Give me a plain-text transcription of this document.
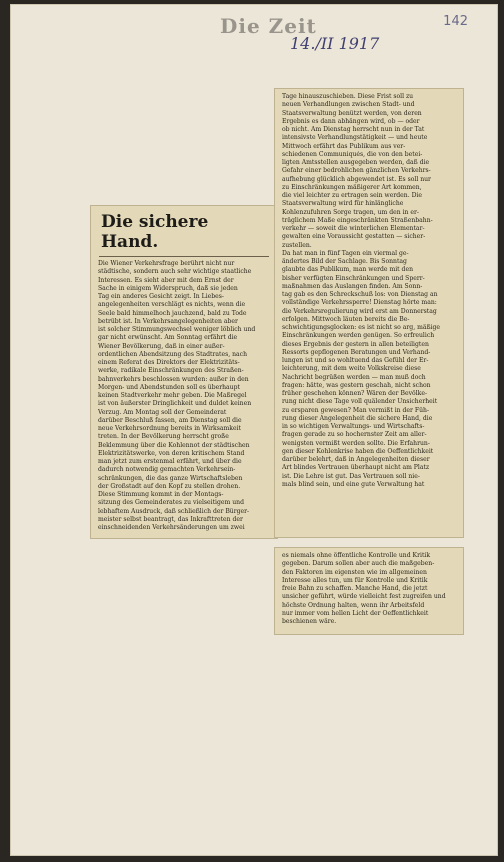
Die Zeit	142
14./II 1917
Die sichere Hand.
Die Wiener Verkehrsfrage berührt nicht nur
städtische, sondern auch sehr wichtige staatliche
Interessen. Es sieht aber mit dem Ernst der
Sache in einigem Widerspruch, daß sie jeden
Tag ein anderes Gesicht zeigt. In Liebes-
angelegenheiten verschlägt es nichts, wenn die
Seele bald himmelhoch jauchzend, bald zu Tode
betrübt ist. In Verkehrsangelegenheiten aber
ist solcher Stimmungswechsel weniger löblich und
gar nicht erwünscht. Am Sonntag erfährt die
Wiener Bevölkerung, daß in einer außer-
ordentlichen Abendsitzung des Stadtrates, nach
einem Referat des Direktors der Elektrizitäts-
werke, radikale Einschränkungen des Straßen-
bahnverkehrs beschlossen wurden: außer in den
Morgen- und Abendstunden soll es überhaupt
keinen Stadtverkehr mehr geben. Die Maßregel
ist von äußerster Dringlichkeit und duldet keinen
Verzug. Am Montag soll der Gemeinderat
darüber Beschluß fassen, am Dienstag soll die
neue Verkehrsordnung bereits in Wirksamkeit
treten. In der Bevölkerung herrscht große
Beklemmung über die Kohlennot der städtischen
Elektrizitätswerke, von deren kritischem Stand
man jetzt zum erstenmal erfährt, und über die
dadurch notwendig gemachten Verkehrsein-
schränkungen, die das ganze Wirtschaftsleben
der Großstadt auf den Kopf zu stellen drohen.
Diese Stimmung kommt in der Montags-
sitzung des Gemeinderates zu vielseitigem und
lebhaftem Ausdruck, daß schließlich der Bürger-
meister selbst beantragt, das Inkrafttreten der
einschneidenden Verkehrsänderungen um zwei
Tage hinauszuschieben. Diese Frist soll zu
neuen Verhandlungen zwischen Stadt- und
Staatsverwaltung benützt werden, von deren
Ergebnis es dann abhängen wird, ob — oder
ob nicht. Am Dienstag herrscht nun in der Tat
intensivste Verhandlungstätigkeit — und heute
Mittwoch erfährt das Publikum aus ver-
schiedenen Communiqués, die von den betei-
ligten Amtsstellen ausgegeben werden, daß die
Gefahr einer bedrohlichen gänzlichen Verkehrs-
aufhebung glücklich abgewendet ist. Es soll nur
zu Einschränkungen mäßigerer Art kommen,
die viel leichter zu ertragen sein werden. Die
Staatsverwaltung wird für hinlängliche
Kohlenzufuhren Sorge tragen, um den in er-
träglichem Maße eingeschränkten Straßenbahn-
verkehr — soweit die winterlichen Elementar-
gewalten eine Voraussicht gestatten — sicher-
zustellen.
Da hat man in fünf Tagen ein viermal ge-
ändertes Bild der Sachlage. Bis Sonntag
glaubte das Publikum, man werde mit den
bisher verfügten Einschränkungen und Sperr-
maßnahmen das Auslangen finden. Am Sonn-
tag gab es den Schreckschuß los: von Dienstag an
vollständige Verkehrssperre! Dienstag hörte man:
die Verkehrsregulierung wird erst am Donnerstag
erfolgen. Mittwoch läuten bereits die Be-
schwichtigungsglocken: es ist nicht so arg, mäßige
Einschränkungen werden genügen. So erfreulich
dieses Ergebnis der gestern in allen beteiligten
Ressorts gepflogenen Beratungen und Verhand-
lungen ist und so wohltuend das Gefühl der Er-
leichterung, mit dem weite Volkskreise diese
Nachricht begrüßen werden — man muß doch
fragen: hätte, was gestern geschah, nicht schon
früher geschehen können? Wären der Bevölke-
rung nicht diese Tage voll quälender Unsicherheit
zu ersparen gewesen? Man vermißt in der Füh-
rung dieser Angelegenheit die sichere Hand, die
in so wichtigen Verwaltungs- und Wirtschafts-
fragen gerade zu so hochernster Zeit am aller-
wenigsten vermißt werden sollte. Die Erfahrun-
gen dieser Kohlenkrise haben die Oeffentlichkeit
darüber belehrt, daß in Angelegenheiten dieser
Art blindes Vertrauen überhaupt nicht am Platz
ist. Die Lehre ist gut. Das Vertrauen soll nie-
mals blind sein, und eine gute Verwaltung hat
es niemals ohne öffentliche Kontrolle und Kritik
gegeben. Darum sollen aber auch die maßgeben-
den Faktoren im eigensten wie im allgemeinen
Interesse alles tun, um für Kontrolle und Kritik
freie Bahn zu schaffen. Manche Hand, die jetzt
unsicher geführt, würde vielleicht fest zugreifen und
höchste Ordnung halten, wenn ihr Arbeitsfeld
nur immer vom hellen Licht der Oeffentlichkeit
beschienen wäre.
